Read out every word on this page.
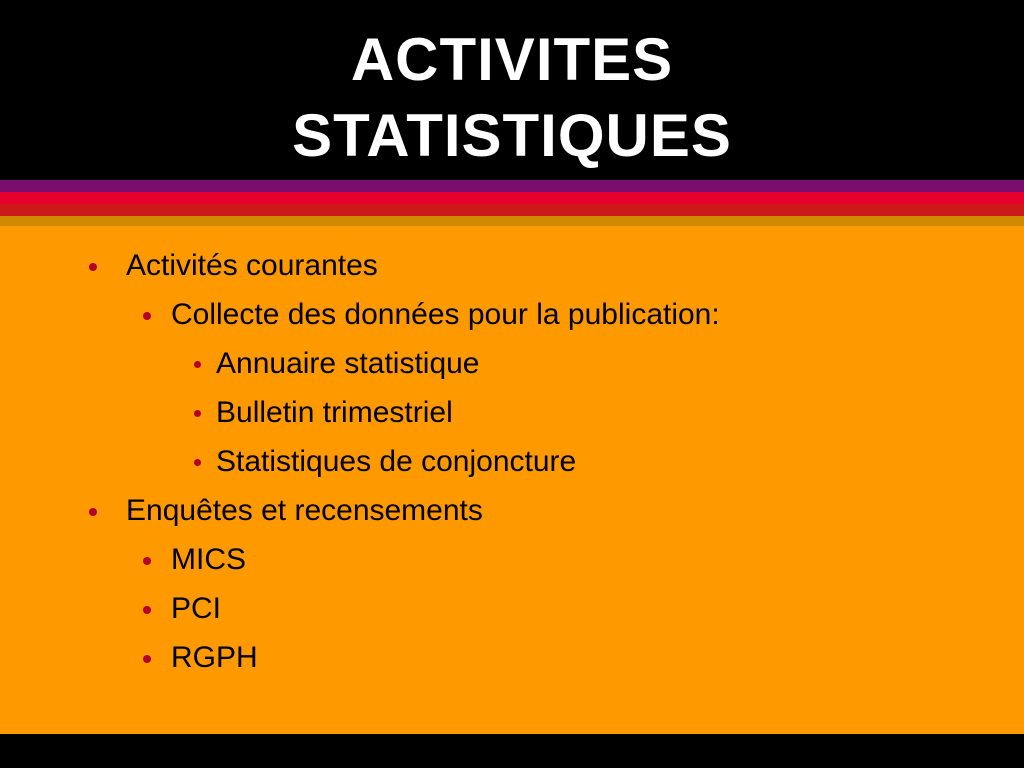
ACTIVITES
STATISTIQUES
Activités courantes
Collecte des données pour la publication:
Annuaire statistique
Bulletin trimestriel
Statistiques de conjoncture
Enquêtes et recensements
MICS
PCI
RGPH
